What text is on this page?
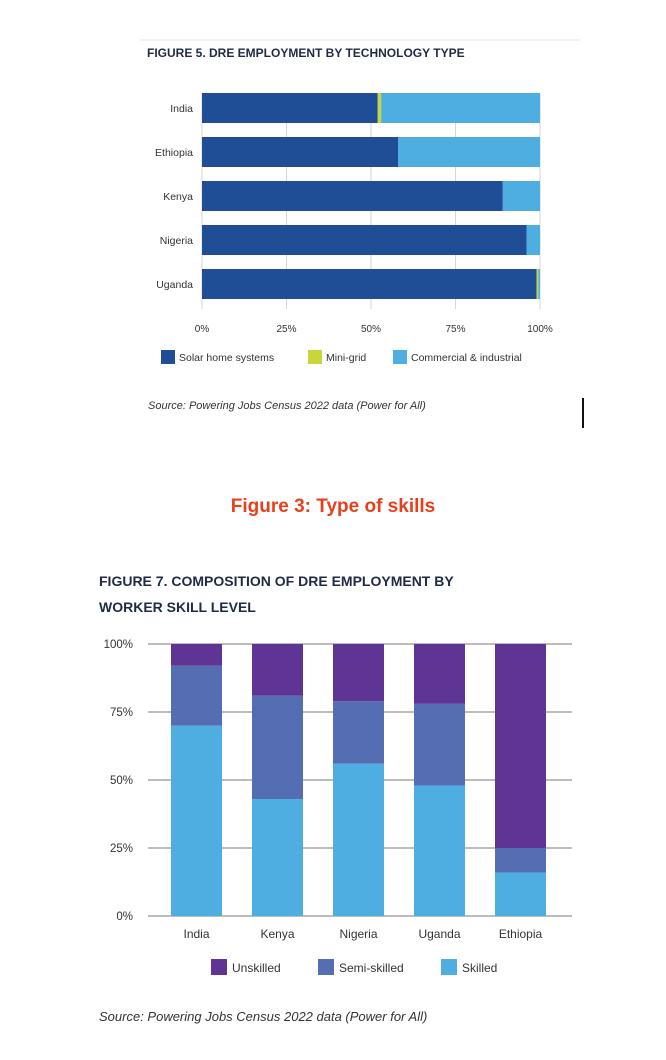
FIGURE 5. DRE EMPLOYMENT BY TECHNOLOGY TYPE
India
Ethiopia
Kenya
Nigeria
Uganda
0%	25%	50%	75%	100%
Solar home systems	Mini-grid	Commercial & industrial
Source: Powering Jobs Census 2022 data (Power for All)
Figure 3: Type of skills
FIGURE 7. COMPOSITION OF DRE EMPLOYMENT BY
WORKER SKILL LEVEL
100%
75%
50%
25%
0%
India	Kenya	Nigeria	Uganda	Ethiopia
Unskilled	Semi-skilled	Skilled
Source: Powering Jobs Census 2022 data (Power for All)
